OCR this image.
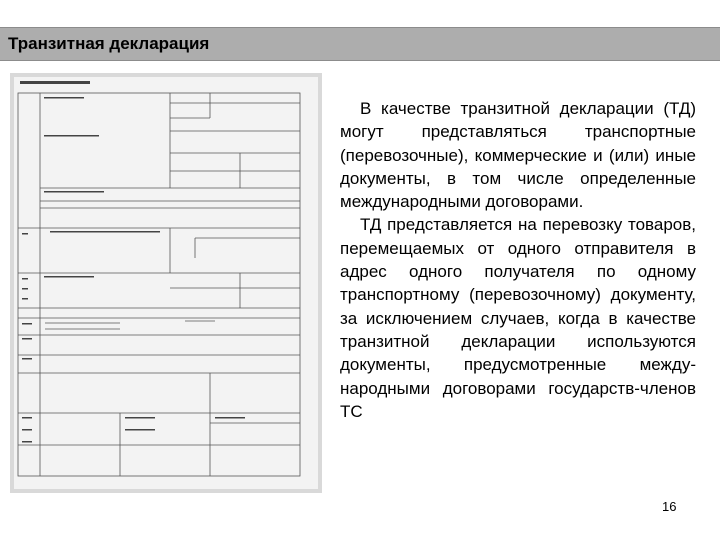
Транзитная декларация

В качестве транзитной декларации (ТД) могут представляться транспортные (перевозочные), коммерческие и (или) иные документы, в том числе определенные международными договорами.

ТД представляется на перевозку товаров, перемещаемых от одного отправителя в адрес одного получателя по одному транспортному (перевозочному) документу, за исключением случаев, когда в качестве транзитной декларации используются документы, предусмотренные международными договорами государств-членов ТС

16
